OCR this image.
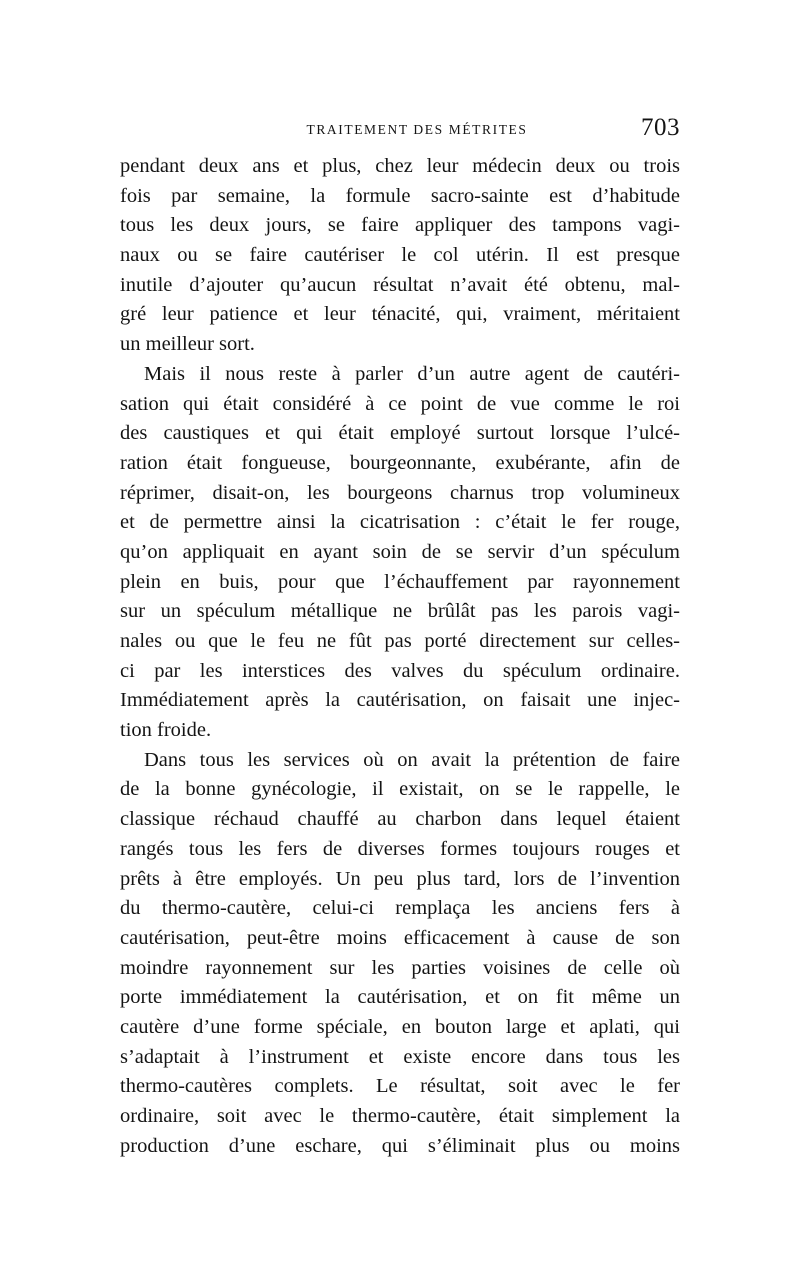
TRAITEMENT DES MÉTRITES	703
pendant deux ans et plus, chez leur médecin deux ou trois
fois par semaine, la formule sacro-sainte est d’habitude
tous les deux jours, se faire appliquer des tampons vagi-
naux ou se faire cautériser le col utérin. Il est presque
inutile d’ajouter qu’aucun résultat n’avait été obtenu, mal-
gré leur patience et leur ténacité, qui, vraiment, méritaient
un meilleur sort.
Mais il nous reste à parler d’un autre agent de cautéri-
sation qui était considéré à ce point de vue comme le roi
des caustiques et qui était employé surtout lorsque l’ulcé-
ration était fongueuse, bourgeonnante, exubérante, afin de
réprimer, disait-on, les bourgeons charnus trop volumineux
et de permettre ainsi la cicatrisation : c’était le fer rouge,
qu’on appliquait en ayant soin de se servir d’un spéculum
plein en buis, pour que l’échauffement par rayonnement
sur un spéculum métallique ne brûlât pas les parois vagi-
nales ou que le feu ne fût pas porté directement sur celles-
ci par les interstices des valves du spéculum ordinaire.
Immédiatement après la cautérisation, on faisait une injec-
tion froide.
Dans tous les services où on avait la prétention de faire
de la bonne gynécologie, il existait, on se le rappelle, le
classique réchaud chauffé au charbon dans lequel étaient
rangés tous les fers de diverses formes toujours rouges et
prêts à être employés. Un peu plus tard, lors de l’invention
du thermo-cautère, celui-ci remplaça les anciens fers à
cautérisation, peut-être moins efficacement à cause de son
moindre rayonnement sur les parties voisines de celle où
porte immédiatement la cautérisation, et on fit même un
cautère d’une forme spéciale, en bouton large et aplati, qui
s’adaptait à l’instrument et existe encore dans tous les
thermo-cautères complets. Le résultat, soit avec le fer
ordinaire, soit avec le thermo-cautère, était simplement la
production d’une eschare, qui s’éliminait plus ou moins
